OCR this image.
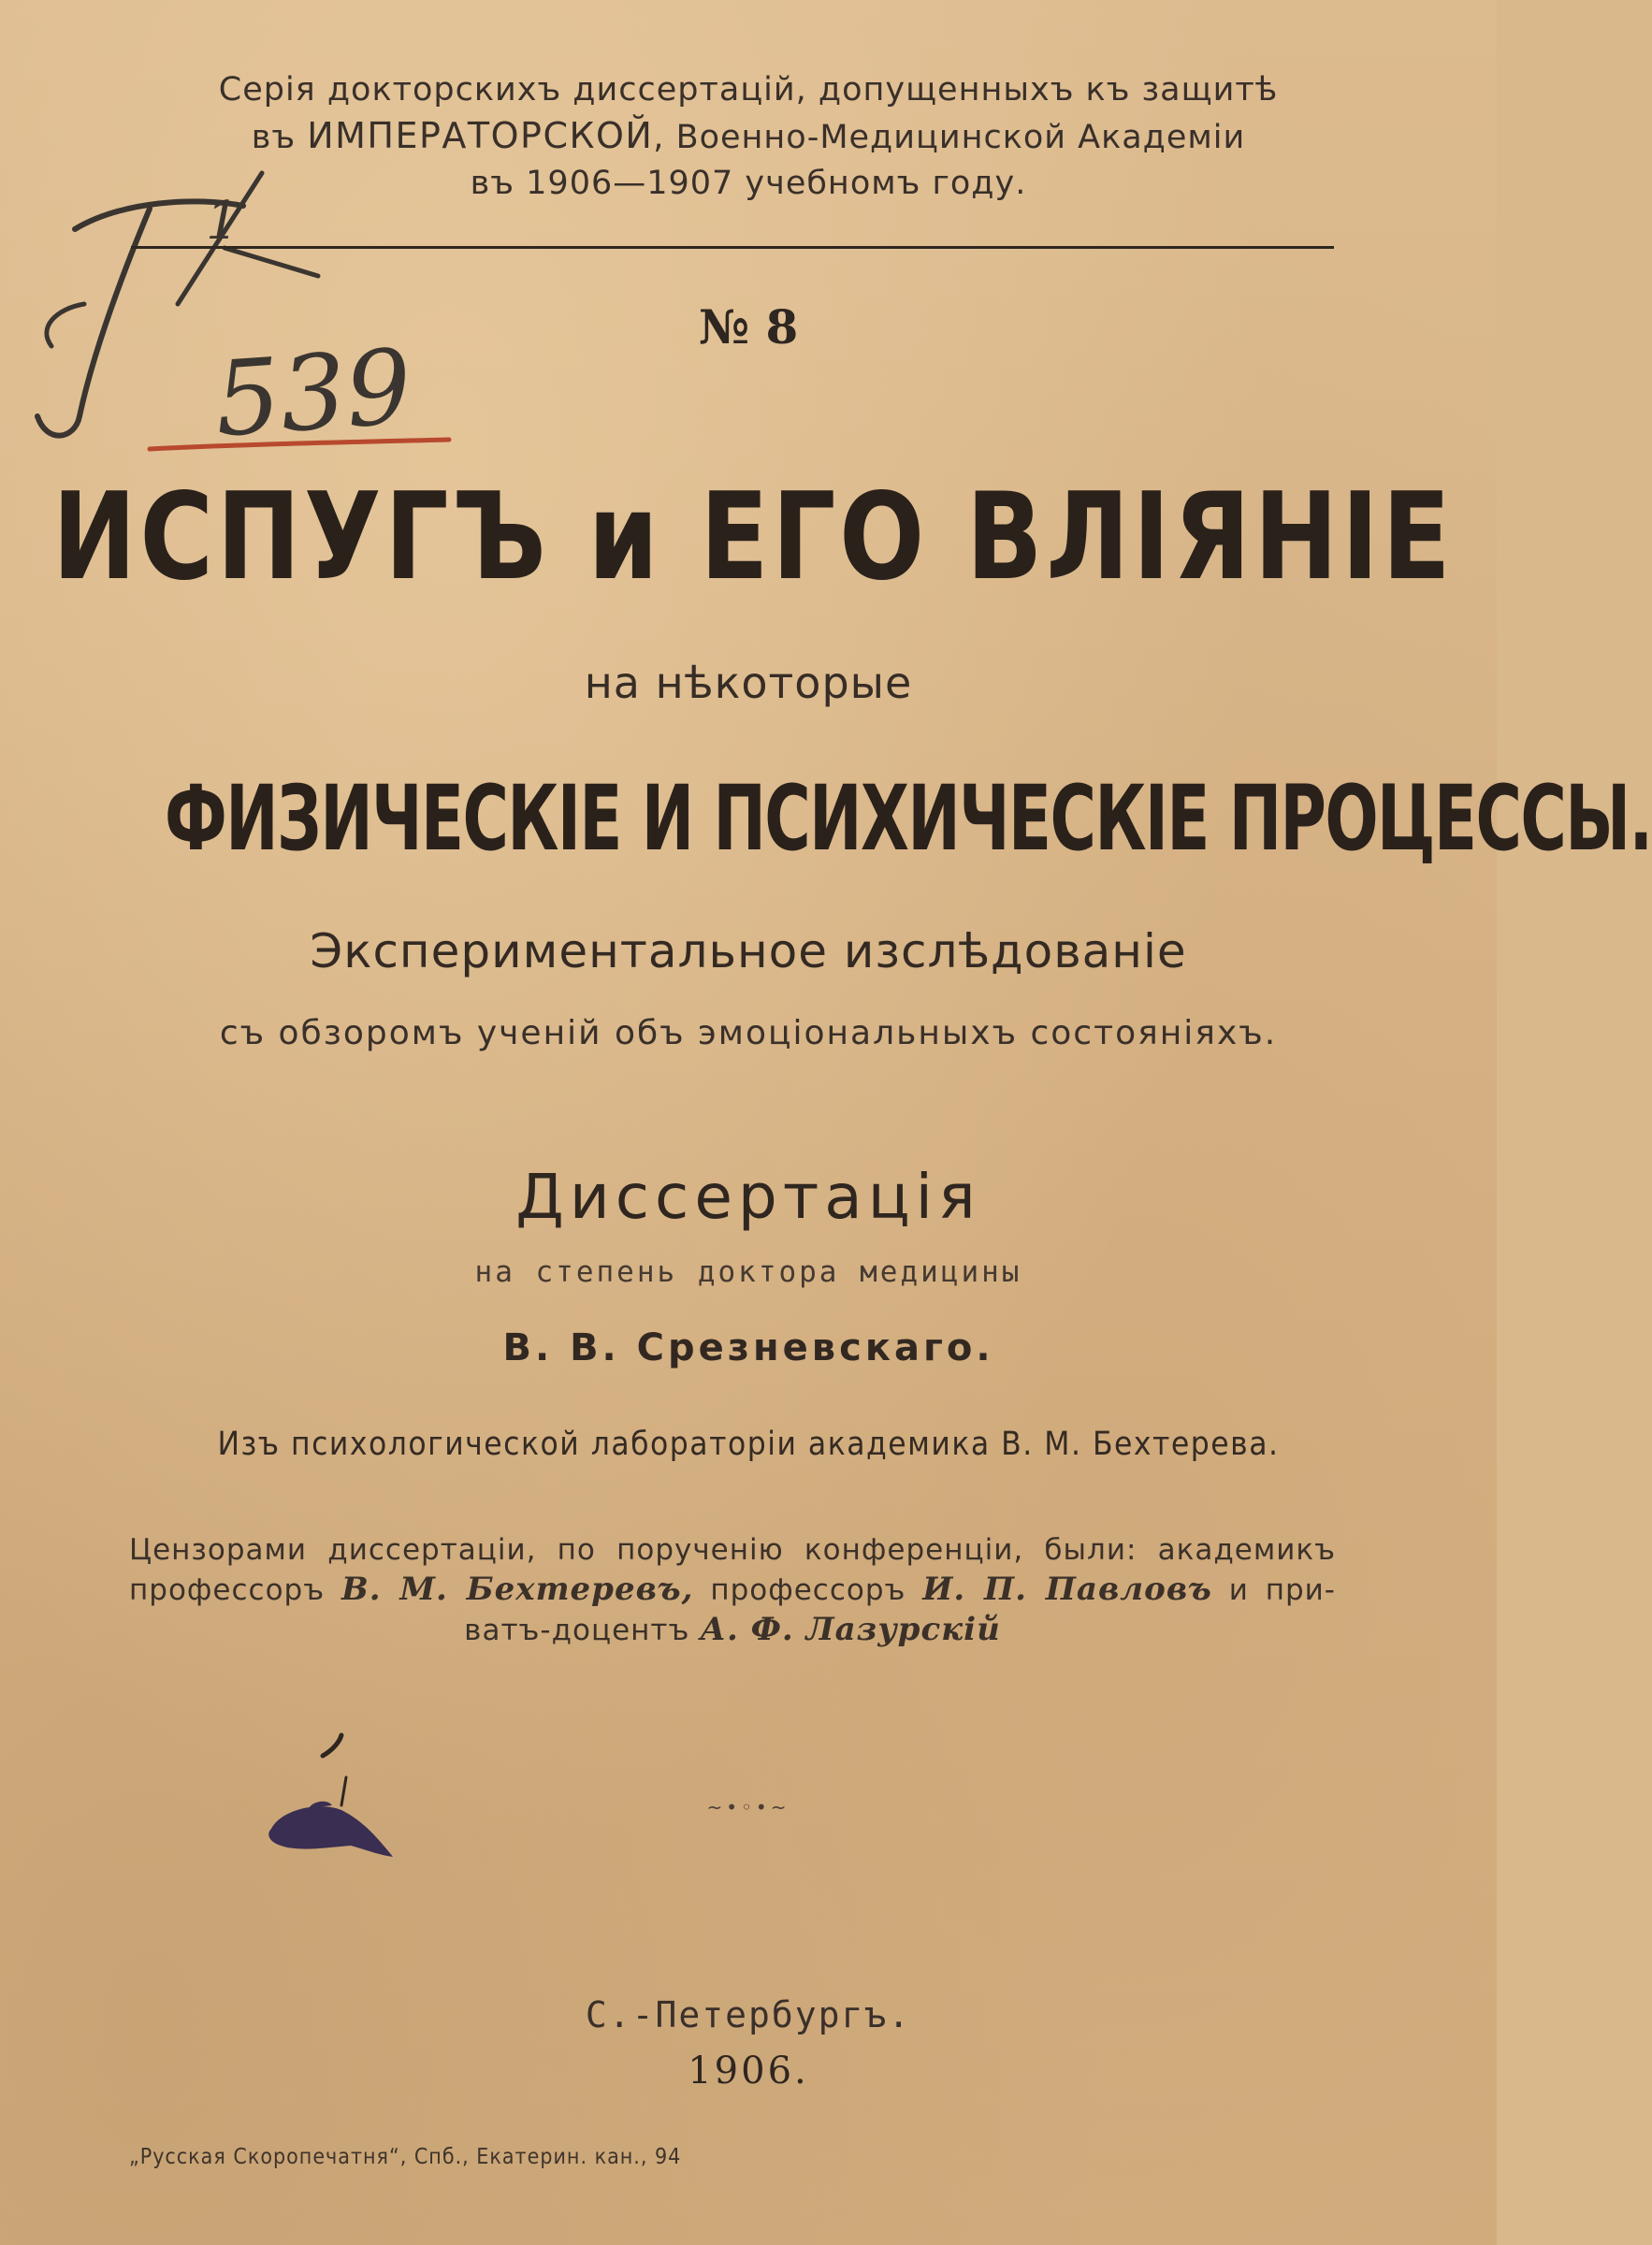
1
539
Серія докторскихъ диссертацій, допущенныхъ къ защитѣ
въ ИМПЕРАТОРСКОЙ, Военно-Медицинской Академіи
въ 1906—1907 учебномъ году.
№ 8
ИСПУГЪ и ЕГО ВЛІЯНІЕ
на нѣкоторые
ФИЗИЧЕСКІЕ И ПСИХИЧЕСКІЕ ПРОЦЕССЫ.
Экспериментальное изслѣдованіе
съ обзоромъ ученій объ эмоціональныхъ состояніяхъ.
Диссертація
на степень доктора медицины
В. В. Срезневскаго.
Изъ психологической лабораторіи академика В. М. Бехтерева.
Цензорами диссертаціи, по порученію конференціи, были: академикъ
профессоръ В. М. Бехтеревъ, профессоръ И. П. Павловъ и при-
ватъ-доцентъ А. Ф. Лазурскій
~•◦•~
С.-Петербургъ.
1906.
„Русская Скоропечатня“, Спб., Екатерин. кан., 94
